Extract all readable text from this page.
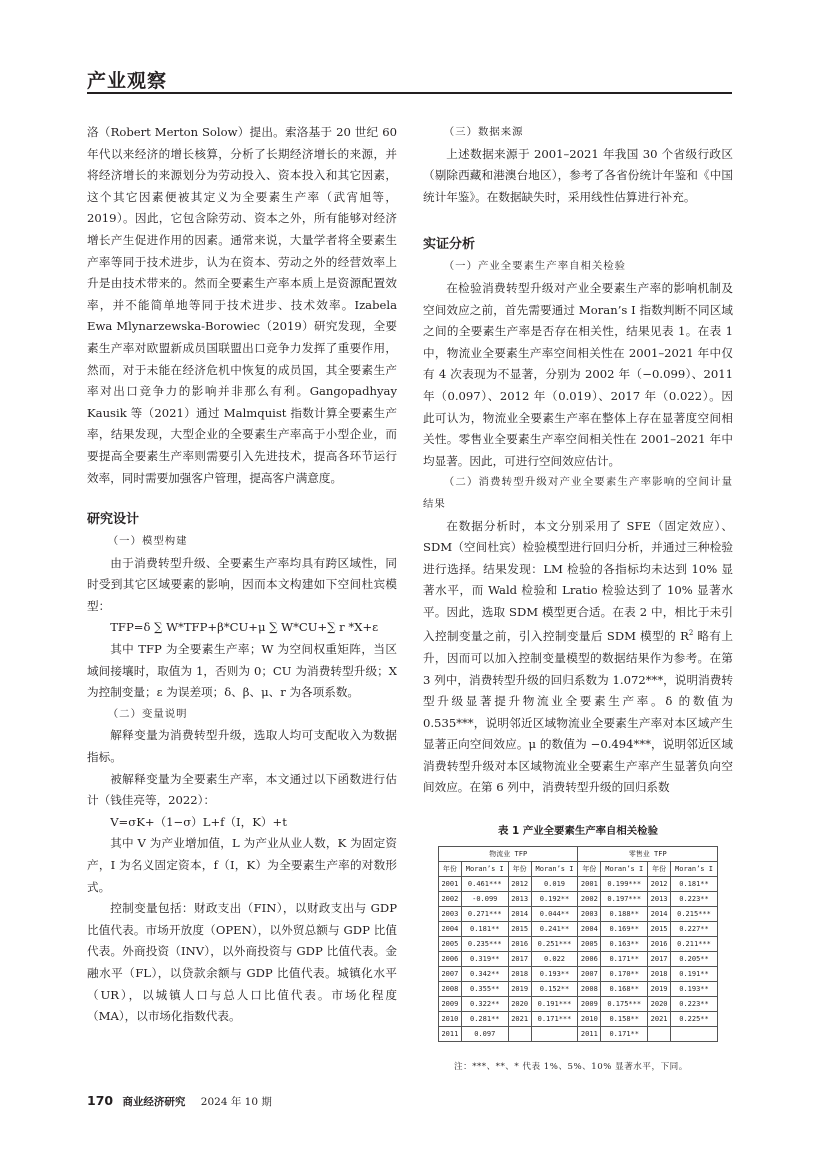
产业观察

洛（Robert Merton Solow）提出。索洛基于 20 世纪 60 年代以来经济的增长核算，分析了长期经济增长的来源，并将经济增长的来源划分为劳动投入、资本投入和其它因素，这个其它因素便被其定义为全要素生产率（武宵旭等，2019）。因此，它包含除劳动、资本之外，所有能够对经济增长产生促进作用的因素。通常来说，大量学者将全要素生产率等同于技术进步，认为在资本、劳动之外的经营效率上升是由技术带来的。然而全要素生产率本质上是资源配置效率，并不能简单地等同于技术进步、技术效率。Izabela Ewa Mlynarzewska-Borowiec（2019）研究发现，全要素生产率对欧盟新成员国联盟出口竞争力发挥了重要作用，然而，对于未能在经济危机中恢复的成员国，其全要素生产率对出口竞争力的影响并非那么有利。Gangopadhyay Kausik 等（2021）通过 Malmquist 指数计算全要素生产率，结果发现，大型企业的全要素生产率高于小型企业，而要提高全要素生产率则需要引入先进技术，提高各环节运行效率，同时需要加强客户管理，提高客户满意度。

研究设计

（一）模型构建

由于消费转型升级、全要素生产率均具有跨区域性，同时受到其它区域要素的影响，因而本文构建如下空间杜宾模型：

TFP=δ ∑ W*TFP+β*CU+μ ∑ W*CU+∑ r *X+ε

其中 TFP 为全要素生产率；W 为空间权重矩阵，当区域间接壤时，取值为 1，否则为 0；CU 为消费转型升级；X 为控制变量；ε 为误差项；δ、β、μ、r 为各项系数。

（二）变量说明

解释变量为消费转型升级，选取人均可支配收入为数据指标。

被解释变量为全要素生产率，本文通过以下函数进行估计（钱佳亮等，2022）：

V=σK+（1−σ）L+f（I，K）+t

其中 V 为产业增加值，L 为产业从业人数，K 为固定资产，I 为名义固定资本，f（I，K）为全要素生产率的对数形式。

控制变量包括：财政支出（FIN），以财政支出与 GDP 比值代表。市场开放度（OPEN），以外贸总额与 GDP 比值代表。外商投资（INV），以外商投资与 GDP 比值代表。金融水平（FL），以贷款余额与 GDP 比值代表。城镇化水平（UR），以城镇人口与总人口比值代表。市场化程度（MA），以市场化指数代表。

（三）数据来源

上述数据来源于 2001–2021 年我国 30 个省级行政区（剔除西藏和港澳台地区），参考了各省份统计年鉴和《中国统计年鉴》。在数据缺失时，采用线性估算进行补充。

实证分析

（一）产业全要素生产率自相关检验

在检验消费转型升级对产业全要素生产率的影响机制及空间效应之前，首先需要通过 Moran’s I 指数判断不同区域之间的全要素生产率是否存在相关性，结果见表 1。在表 1 中，物流业全要素生产率空间相关性在 2001–2021 年中仅有 4 次表现为不显著，分别为 2002 年（−0.099）、2011 年（0.097）、2012 年（0.019）、2017 年（0.022）。因此可认为，物流业全要素生产率在整体上存在显著度空间相关性。零售业全要素生产率空间相关性在 2001–2021 年中均显著。因此，可进行空间效应估计。

（二）消费转型升级对产业全要素生产率影响的空间计量结果

在数据分析时，本文分别采用了 SFE（固定效应）、SDM（空间杜宾）检验模型进行回归分析，并通过三种检验进行选择。结果发现：LM 检验的各指标均未达到 10% 显著水平，而 Wald 检验和 Lratio 检验达到了 10% 显著水平。因此，选取 SDM 模型更合适。在表 2 中，相比于未引入控制变量之前，引入控制变量后 SDM 模型的 $R^2$ 略有上升，因而可以加入控制变量模型的数据结果作为参考。在第 3 列中，消费转型升级的回归系数为 1.072***，说明消费转型升级显著提升物流业全要素生产率。δ 的数值为 0.535***，说明邻近区域物流业全要素生产率对本区域产生显著正向空间效应。μ 的数值为 −0.494***，说明邻近区域消费转型升级对本区域物流业全要素生产率产生显著负向空间效应。在第 6 列中，消费转型升级的回归系数

表 1 产业全要素生产率自相关检验
物流业 TFP				零售业 TFP			
年份	Moran’s I	年份	Moran’s I	年份	Moran’s I	年份	Moran’s I
2001	0.461***	2012	0.019	2001	0.199***	2012	0.181**
2002	-0.099	2013	0.192**	2002	0.197***	2013	0.223**
2003	0.271***	2014	0.044**	2003	0.188**	2014	0.215***
2004	0.181**	2015	0.241**	2004	0.169**	2015	0.227**
2005	0.235***	2016	0.251***	2005	0.163**	2016	0.211***
2006	0.319**	2017	0.022	2006	0.171**	2017	0.205**
2007	0.342**	2018	0.193**	2007	0.170**	2018	0.191**
2008	0.355**	2019	0.152**	2008	0.168**	2019	0.193**
2009	0.322**	2020	0.191***	2009	0.175***	2020	0.223**
2010	0.281**	2021	0.171***	2010	0.158**	2021	0.225**
2011	0.097			2011	0.171**		
注：***、**、* 代表 1%、5%、10% 显著水平，下同。
170 商业经济研究 2024 年 10 期
